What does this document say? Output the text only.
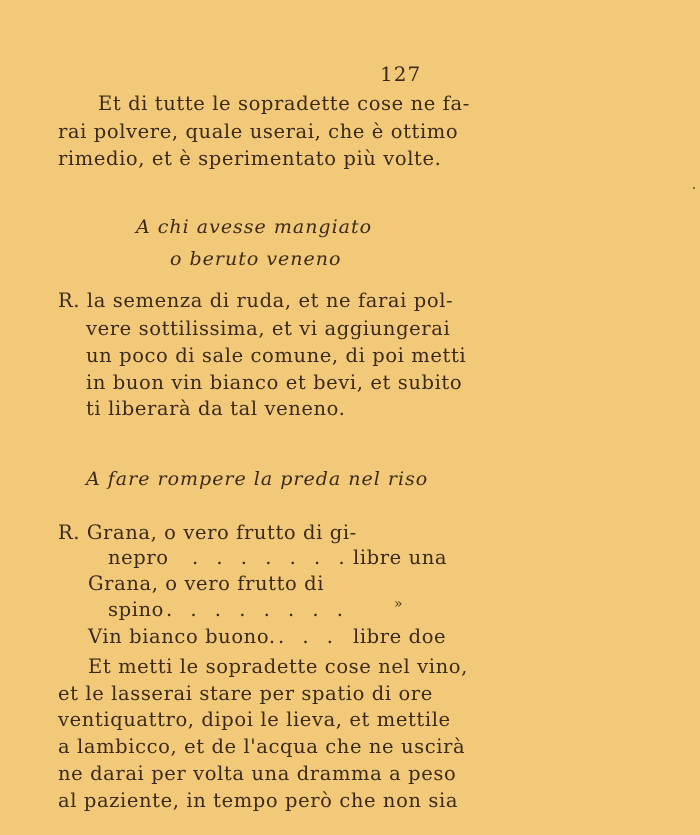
127
Et di tutte le sopradette cose ne fa-
rai polvere, quale userai, che è ottimo
rimedio, et è sperimentato più volte.
A chi avesse mangiato
o beruto veneno
R. la semenza di ruda, et ne farai pol-
vere sottilissima, et vi aggiungerai
un poco di sale comune, di poi metti
in buon vin bianco et bevi, et subito
ti liberarà da tal veneno.
A fare rompere la preda nel riso
R. Grana, o vero frutto di gi-
nepro . . . . . . . libre una
Grana, o vero frutto di
spino . . . . . . . .	»
Vin bianco buono. . . . libre doe
Et metti le sopradette cose nel vino,
et le lasserai stare per spatio di ore
ventiquattro, dipoi le lieva, et mettile
a lambicco, et de l'acqua che ne uscirà
ne darai per volta una dramma a peso
al paziente, in tempo però che non sia
